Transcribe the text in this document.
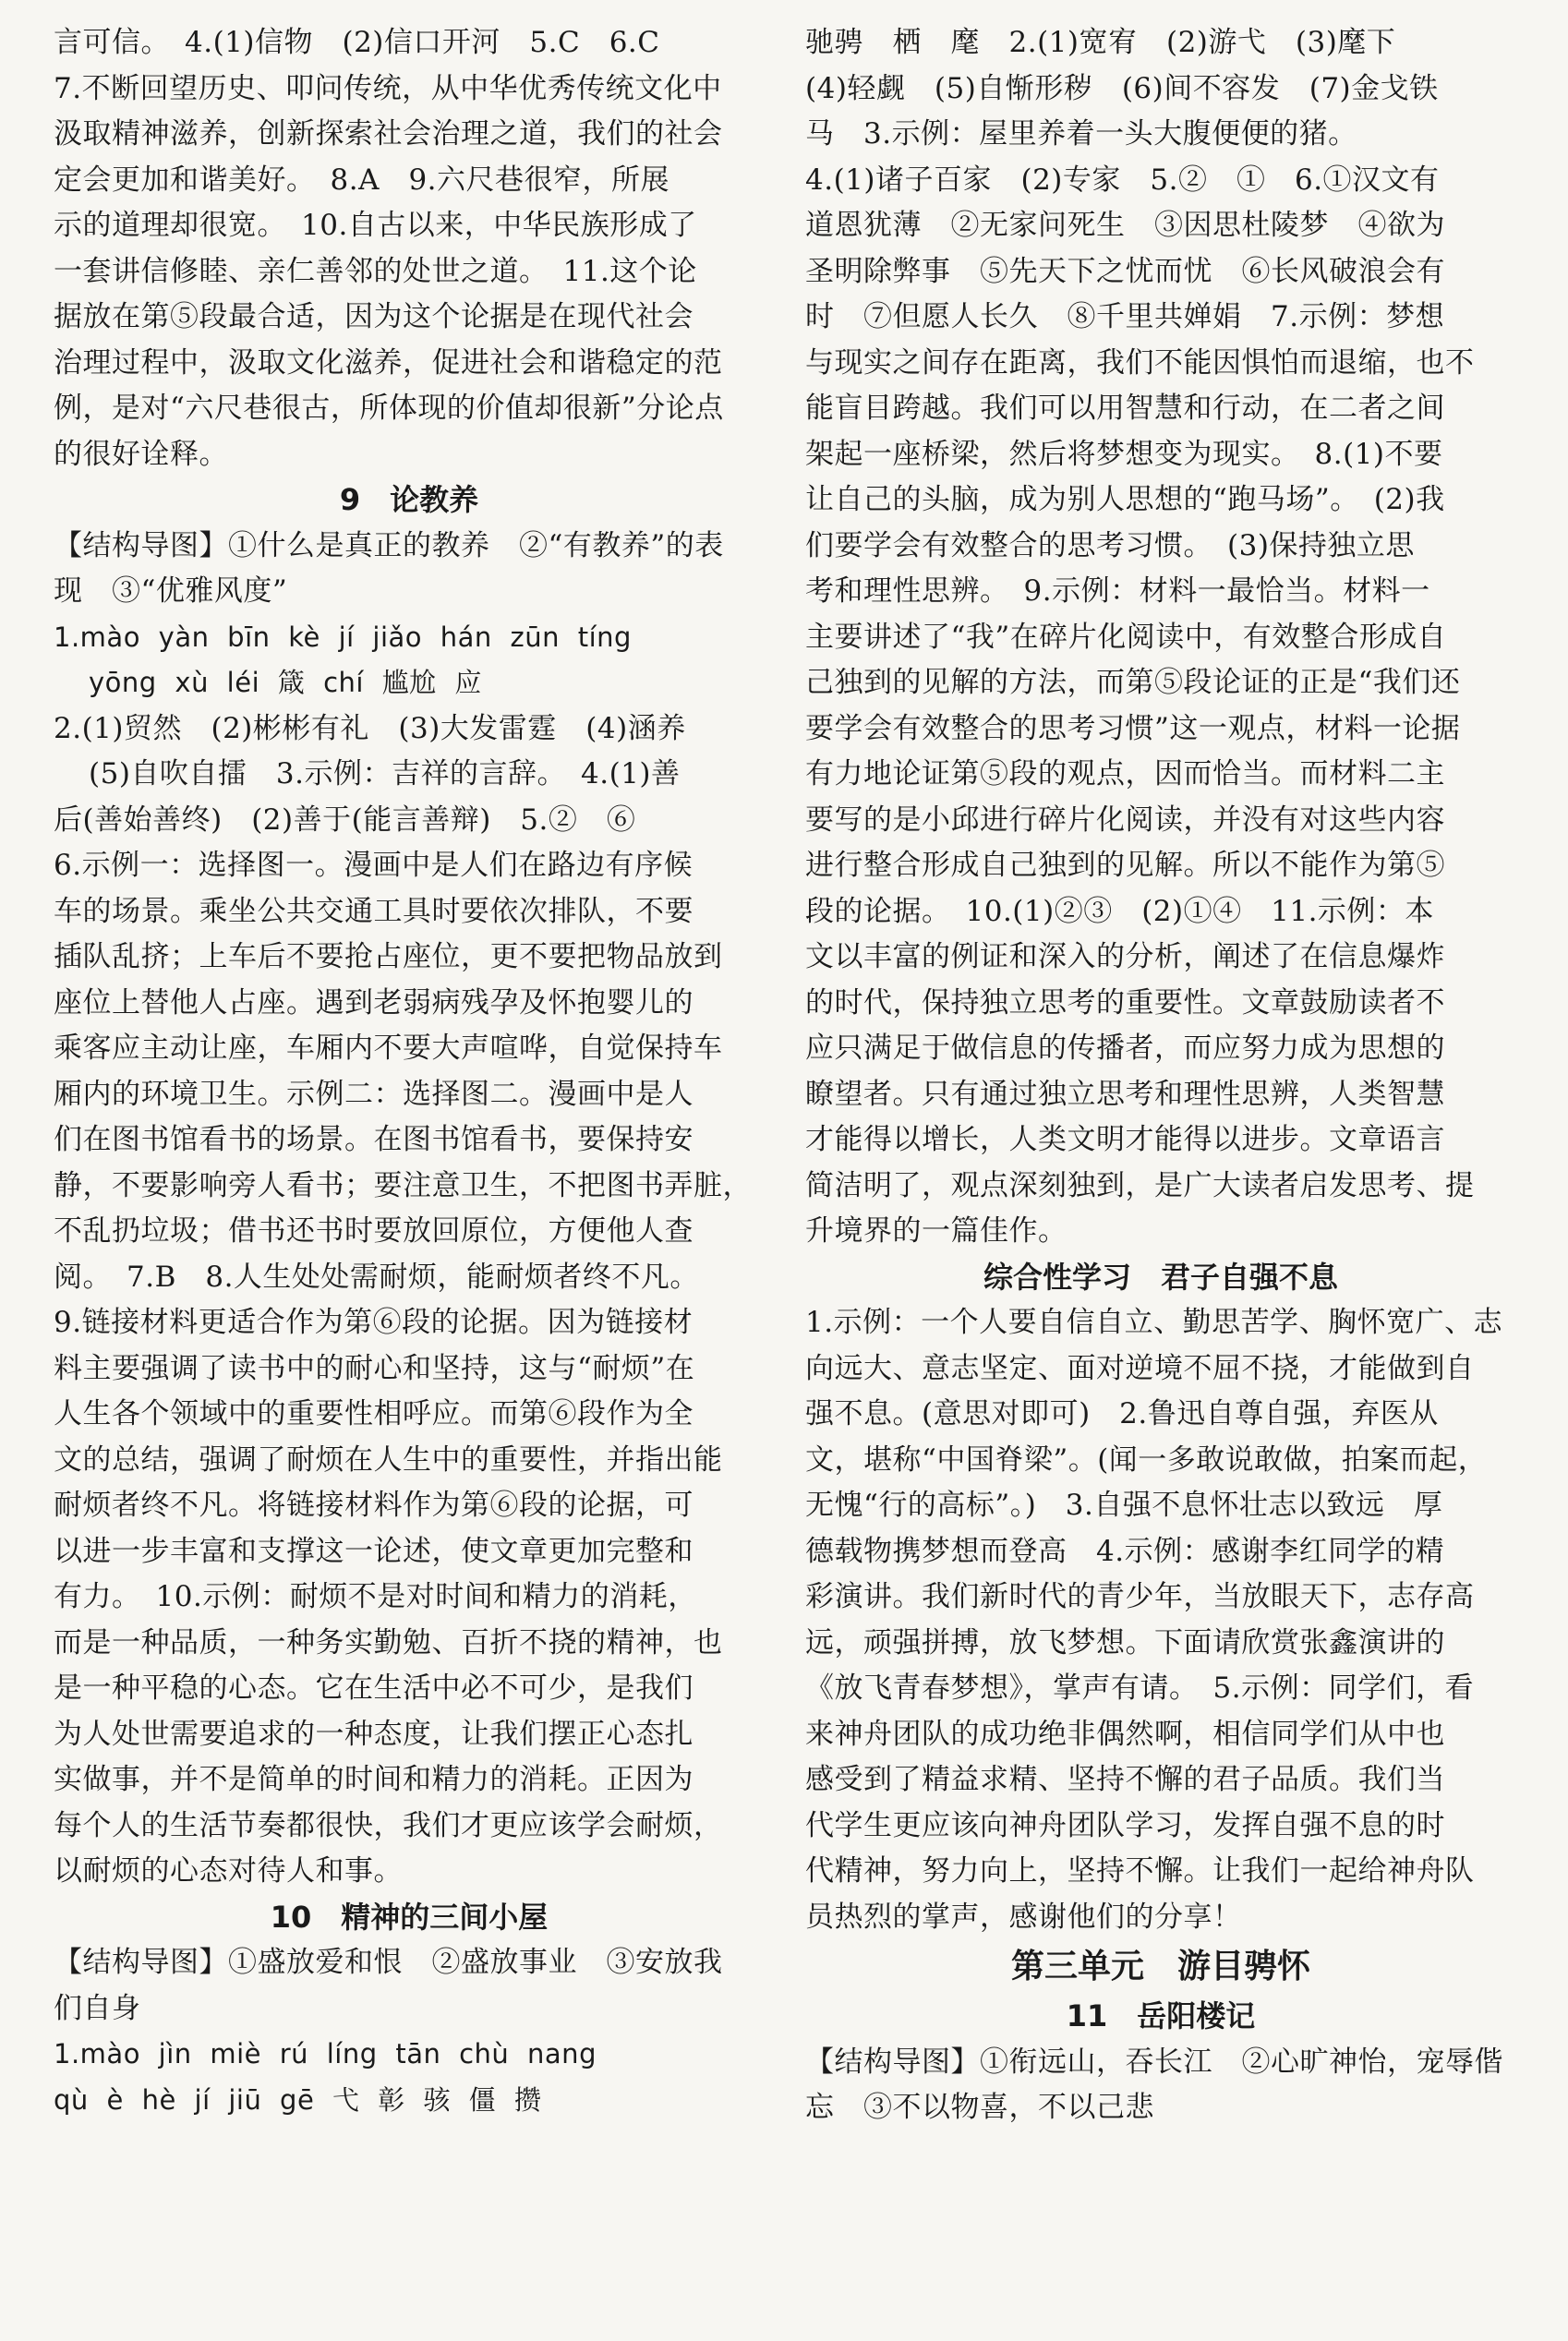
言可信。　4.(1)信物　(2)信口开河　5.C　6.C
7.不断回望历史、叩问传统，从中华优秀传统文化中
汲取精神滋养，创新探索社会治理之道，我们的社会
定会更加和谐美好。　8.A　9.六尺巷很窄，所展
示的道理却很宽。　10.自古以来，中华民族形成了
一套讲信修睦、亲仁善邻的处世之道。　11.这个论
据放在第⑤段最合适，因为这个论据是在现代社会
治理过程中，汲取文化滋养，促进社会和谐稳定的范
例，是对“六尺巷很古，所体现的价值却很新”分论点
的很好诠释。
9　论教养
【结构导图】①什么是真正的教养　②“有教养”的表
现　③“优雅风度”
1.mào yàn bīn kè jí jiǎo hán zūn tíng
yōng xù léi 箴 chí 尴尬 应
2.(1)贸然　(2)彬彬有礼　(3)大发雷霆　(4)涵养
(5)自吹自擂　3.示例：吉祥的言辞。　4.(1)善
后(善始善终)　(2)善于(能言善辩)　5.②　⑥
6.示例一：选择图一。漫画中是人们在路边有序候
车的场景。乘坐公共交通工具时要依次排队，不要
插队乱挤；上车后不要抢占座位，更不要把物品放到
座位上替他人占座。遇到老弱病残孕及怀抱婴儿的
乘客应主动让座，车厢内不要大声喧哗，自觉保持车
厢内的环境卫生。示例二：选择图二。漫画中是人
们在图书馆看书的场景。在图书馆看书，要保持安
静，不要影响旁人看书；要注意卫生，不把图书弄脏，
不乱扔垃圾；借书还书时要放回原位，方便他人查
阅。　7.B　8.人生处处需耐烦，能耐烦者终不凡。
9.链接材料更适合作为第⑥段的论据。因为链接材
料主要强调了读书中的耐心和坚持，这与“耐烦”在
人生各个领域中的重要性相呼应。而第⑥段作为全
文的总结，强调了耐烦在人生中的重要性，并指出能
耐烦者终不凡。将链接材料作为第⑥段的论据，可
以进一步丰富和支撑这一论述，使文章更加完整和
有力。　10.示例：耐烦不是对时间和精力的消耗，
而是一种品质，一种务实勤勉、百折不挠的精神，也
是一种平稳的心态。它在生活中必不可少，是我们
为人处世需要追求的一种态度，让我们摆正心态扎
实做事，并不是简单的时间和精力的消耗。正因为
每个人的生活节奏都很快，我们才更应该学会耐烦，
以耐烦的心态对待人和事。
10　精神的三间小屋
【结构导图】①盛放爱和恨　②盛放事业　③安放我
们自身
1.mào jìn miè rú líng tān chù nang
qù è hè jí jiū gē 弋 彰 骇 僵 攒
驰骋　栖　麾　2.(1)宽宥　(2)游弋　(3)麾下
(4)轻觑　(5)自惭形秽　(6)间不容发　(7)金戈铁
马　3.示例：屋里养着一头大腹便便的猪。
4.(1)诸子百家　(2)专家　5.②　①　6.①汉文有
道恩犹薄　②无家问死生　③因思杜陵梦　④欲为
圣明除弊事　⑤先天下之忧而忧　⑥长风破浪会有
时　⑦但愿人长久　⑧千里共婵娟　7.示例：梦想
与现实之间存在距离，我们不能因惧怕而退缩，也不
能盲目跨越。我们可以用智慧和行动，在二者之间
架起一座桥梁，然后将梦想变为现实。　8.(1)不要
让自己的头脑，成为别人思想的“跑马场”。　(2)我
们要学会有效整合的思考习惯。　(3)保持独立思
考和理性思辨。　9.示例：材料一最恰当。材料一
主要讲述了“我”在碎片化阅读中，有效整合形成自
己独到的见解的方法，而第⑤段论证的正是“我们还
要学会有效整合的思考习惯”这一观点，材料一论据
有力地论证第⑤段的观点，因而恰当。而材料二主
要写的是小邱进行碎片化阅读，并没有对这些内容
进行整合形成自己独到的见解。所以不能作为第⑤
段的论据。　10.(1)②③　(2)①④　11.示例：本
文以丰富的例证和深入的分析，阐述了在信息爆炸
的时代，保持独立思考的重要性。文章鼓励读者不
应只满足于做信息的传播者，而应努力成为思想的
瞭望者。只有通过独立思考和理性思辨，人类智慧
才能得以增长，人类文明才能得以进步。文章语言
简洁明了，观点深刻独到，是广大读者启发思考、提
升境界的一篇佳作。
综合性学习　君子自强不息
1.示例：一个人要自信自立、勤思苦学、胸怀宽广、志
向远大、意志坚定、面对逆境不屈不挠，才能做到自
强不息。(意思对即可)　2.鲁迅自尊自强，弃医从
文，堪称“中国脊梁”。(闻一多敢说敢做，拍案而起，
无愧“行的高标”。)　3.自强不息怀壮志以致远　厚
德载物携梦想而登高　4.示例：感谢李红同学的精
彩演讲。我们新时代的青少年，当放眼天下，志存高
远，顽强拼搏，放飞梦想。下面请欣赏张鑫演讲的
《放飞青春梦想》，掌声有请。　5.示例：同学们，看
来神舟团队的成功绝非偶然啊，相信同学们从中也
感受到了精益求精、坚持不懈的君子品质。我们当
代学生更应该向神舟团队学习，发挥自强不息的时
代精神，努力向上，坚持不懈。让我们一起给神舟队
员热烈的掌声，感谢他们的分享！
第三单元　游目骋怀
11　岳阳楼记
【结构导图】①衔远山，吞长江　②心旷神怡，宠辱偕
忘　③不以物喜，不以己悲
